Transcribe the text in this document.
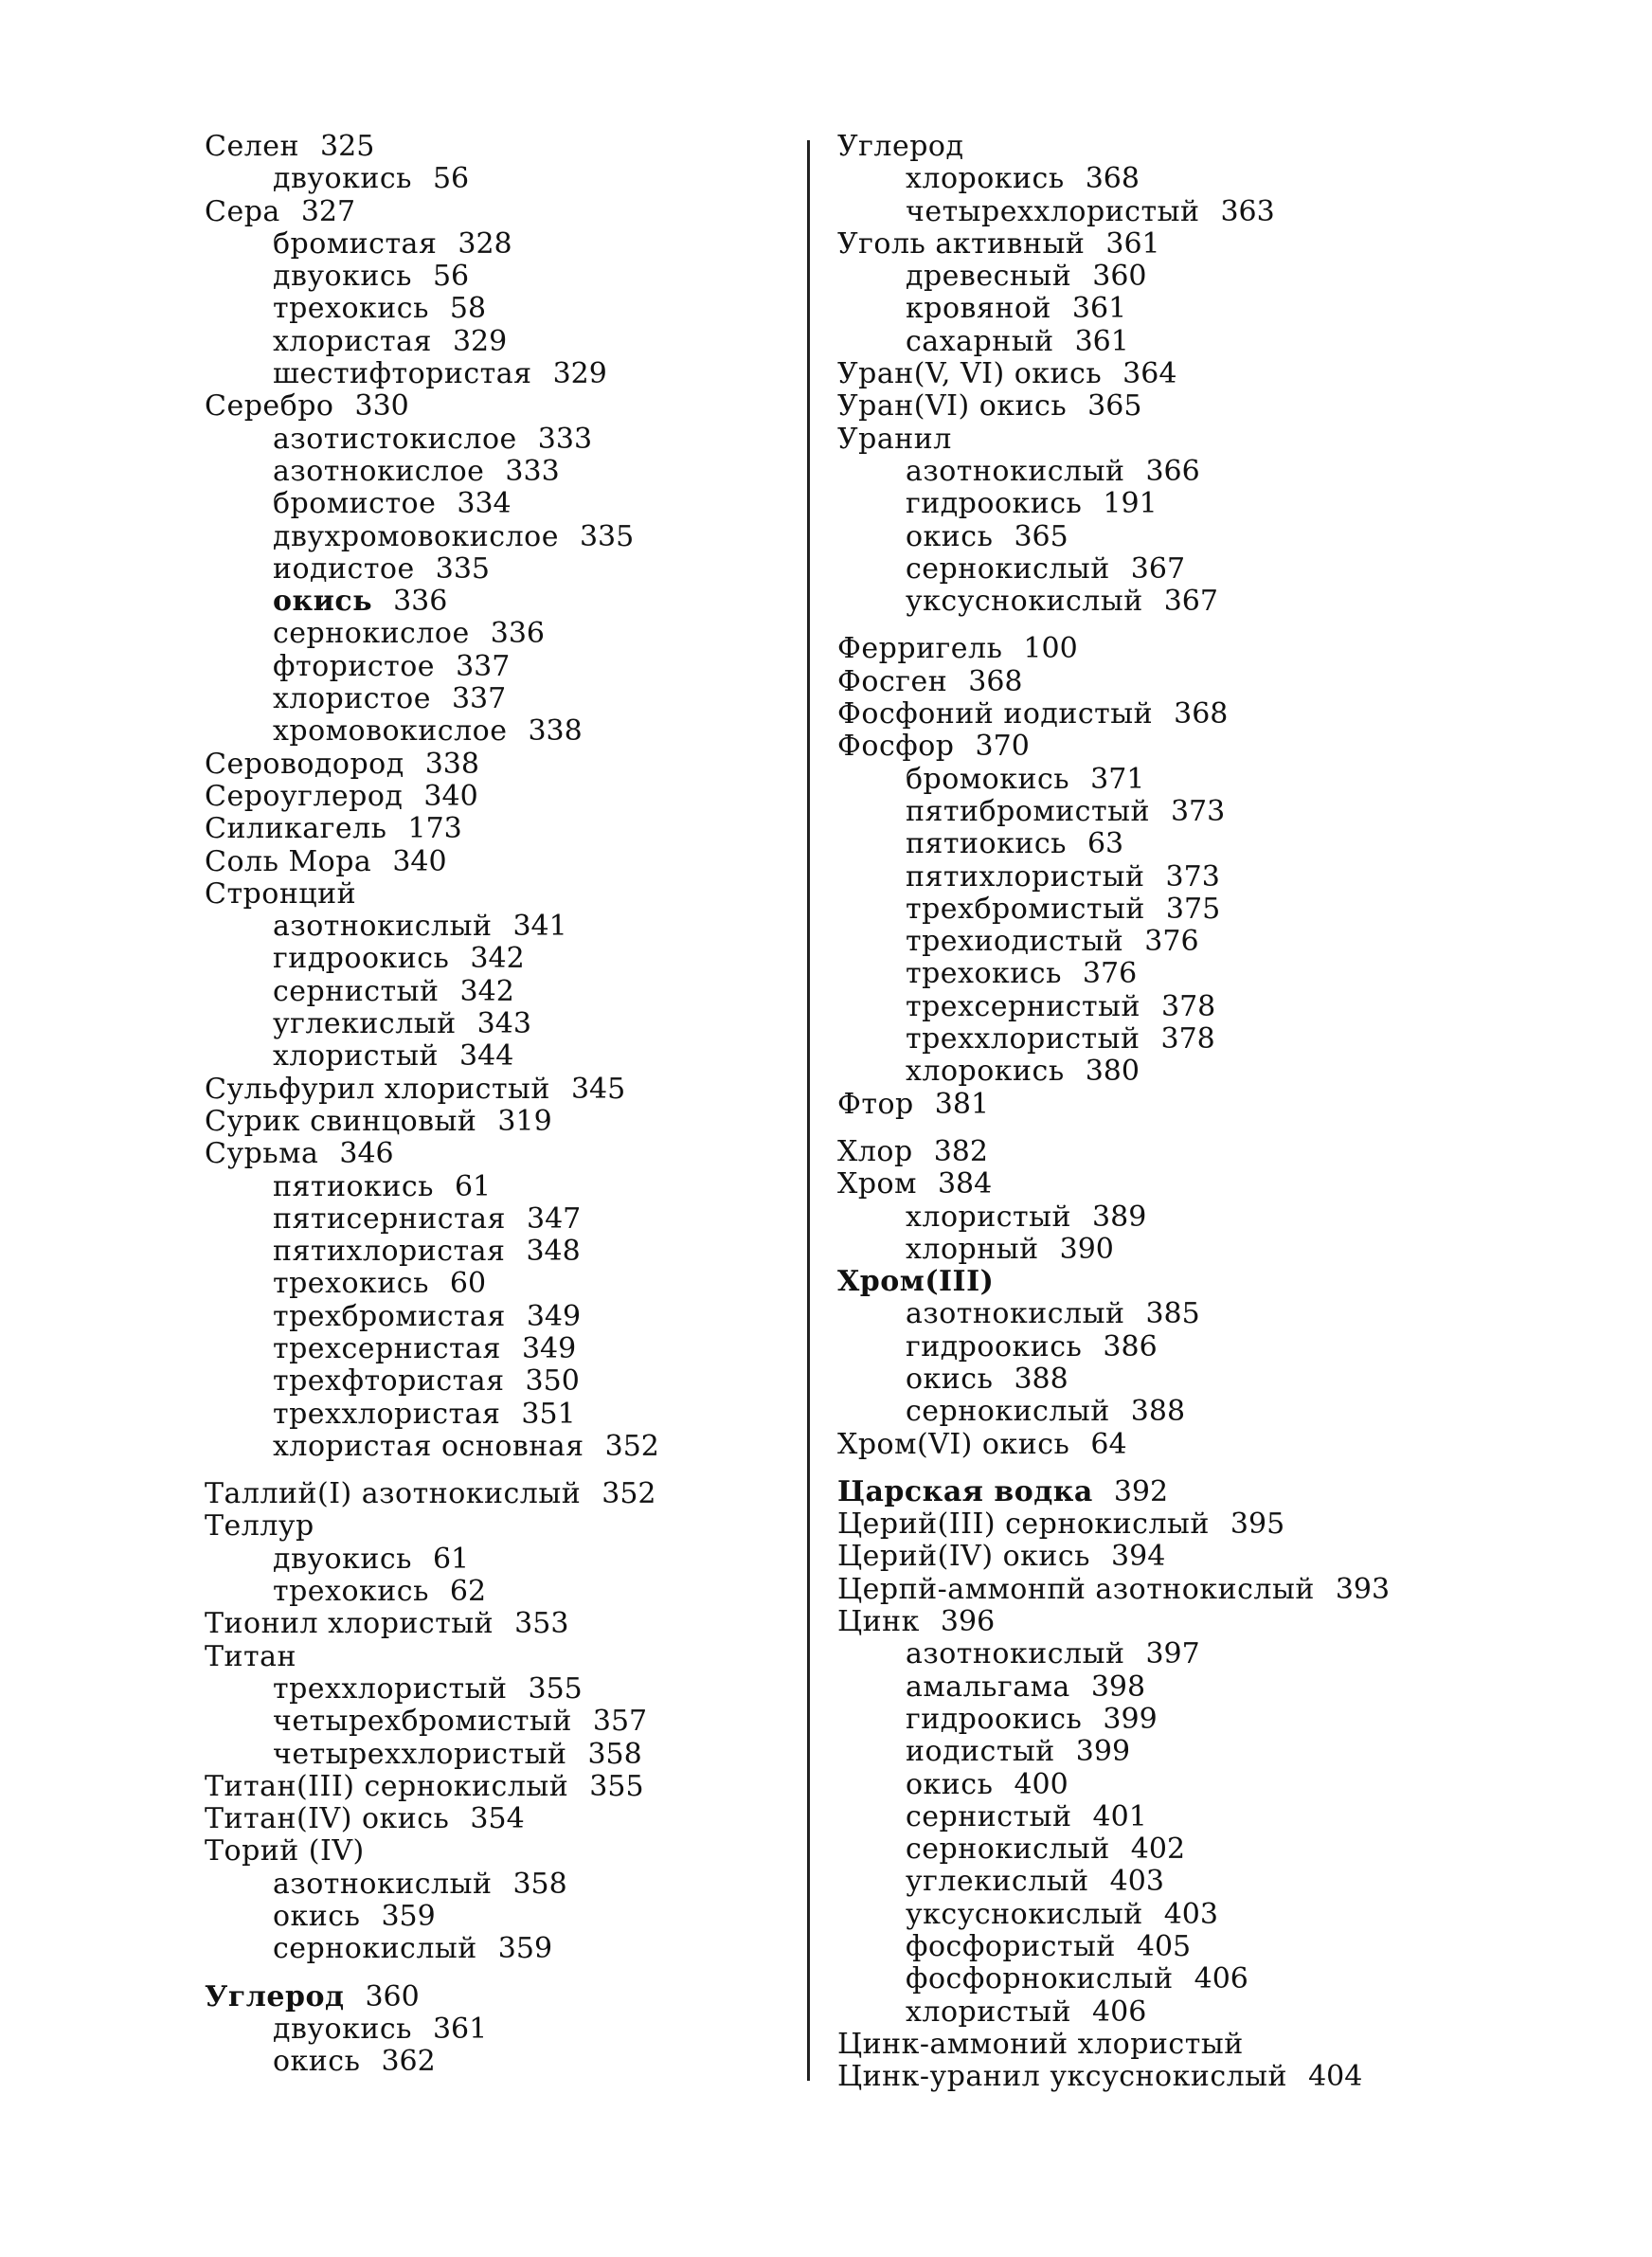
Селен 325
двуокись 56
Сера 327
бромистая 328
двуокись 56
трехокись 58
хлористая 329
шестифтористая 329
Серебро 330
азотистокислое 333
азотнокислое 333
бромистое 334
двухромовокислое 335
иодистое 335
окись 336
сернокислое 336
фтористое 337
хлористое 337
хромовокислое 338
Сероводород 338
Сероуглерод 340
Силикагель 173
Соль Мора 340
Стронций
азотнокислый 341
гидроокись 342
сернистый 342
углекислый 343
хлористый 344
Сульфурил хлористый 345
Сурик свинцовый 319
Сурьма 346
пятиокись 61
пятисернистая 347
пятихлористая 348
трехокись 60
трехбромистая 349
трехсернистая 349
трехфтористая 350
треххлористая 351
хлористая основная 352
Таллий(I) азотнокислый 352
Теллур
двуокись 61
трехокись 62
Тионил хлористый 353
Титан
треххлористый 355
четырехбромистый 357
четыреххлористый 358
Титан(III) сернокислый 355
Титан(IV) окись 354
Торий (IV)
азотнокислый 358
окись 359
сернокислый 359
Углерод 360
двуокись 361
окись 362
Углерод
хлорокись 368
четыреххлористый 363
Уголь активный 361
древесный 360
кровяной 361
сахарный 361
Уран(V, VI) окись 364
Уран(VI) окись 365
Уранил
азотнокислый 366
гидроокись 191
окись 365
сернокислый 367
уксуснокислый 367
Ферригель 100
Фосген 368
Фосфоний иодистый 368
Фосфор 370
бромокись 371
пятибромистый 373
пятиокись 63
пятихлористый 373
трехбромистый 375
трехиодистый 376
трехокись 376
трехсернистый 378
треххлористый 378
хлорокись 380
Фтор 381
Хлор 382
Хром 384
хлористый 389
хлорный 390
Хром(III)
азотнокислый 385
гидроокись 386
окись 388
сернокислый 388
Хром(VI) окись 64
Царская водка 392
Церий(III) сернокислый 395
Церий(IV) окись 394
Церпй-аммонпй азотнокислый 393
Цинк 396
азотнокислый 397
амальгама 398
гидроокись 399
иодистый 399
окись 400
сернистый 401
сернокислый 402
углекислый 403
уксуснокислый 403
фосфористый 405
фосфорнокислый 406
хлористый 406
Цинк-аммоний хлористый
Цинк-уранил уксуснокислый 404
